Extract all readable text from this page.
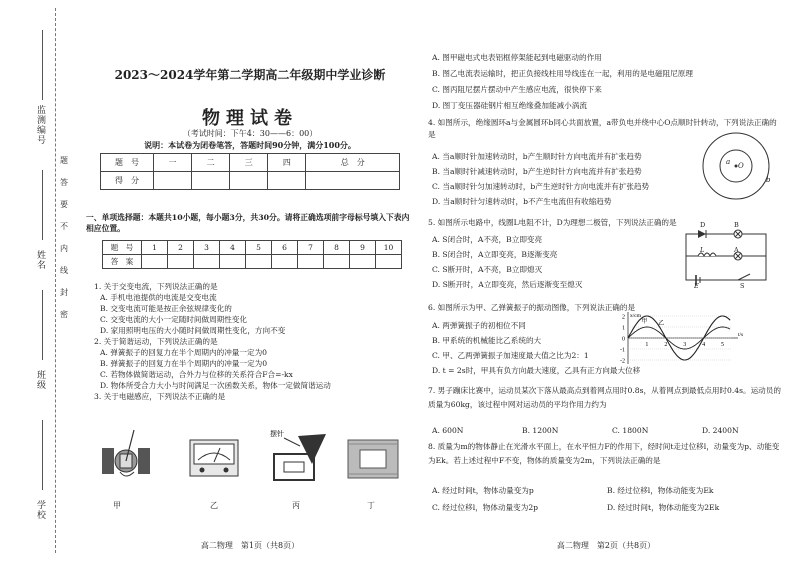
监测编号
姓名
班级
学校
题
答
要
不
内
线
封
密
2023～2024学年第二学期高二年级期中学业诊断
物理试卷
（考试时间：下午4：30——6：00）
说明：本试卷为闭卷笔答，答题时间90分钟，满分100分。
题　号	一	二	三	四	总　分
得　分					
一、单项选择题：本题共10小题，每小题3分，共30分。请将正确选项前字母标号填入下表内相应位置。
题　号	1	2	3	4	5	6	7	8	9	10
答　案										
1. 关于交变电流，下列说法正确的是
A. 手机电池提供的电流是交变电流
B. 交变电流可能是按正余弦规律变化的
C. 交变电流的大小一定随时间做周期性变化
D. 家用照明电压的大小随时间做周期性变化，方向不变
2. 关于简谐运动，下列说法正确的是
A. 弹簧振子的回复力在半个周期内的冲量一定为0
B. 弹簧振子的回复力在半个周期内的冲量一定为0
C. 若物体做简谐运动，合外力与位移的关系符合F合=-kx
D. 物体所受合力大小与时间满足一次函数关系，物体一定做简谐运动
3. 关于电磁感应，下列说法不正确的是
摆针
甲	乙	丙	丁
高二物理　第1页（共8页）
A. 图甲磁电式电表铝框停架能起到电磁驱动的作用
B. 图乙电流表运输时，把正负接线柱用导线连在一起，利用的是电磁阻尼原理
C. 图丙阻尼摆片摆动中产生感应电流，很快停下来
D. 图丁变压器硅钢片相互绝缘叠加能减小涡流
4. 如图所示，绝缘圆环a与金属圆环b同心共面放置，a带负电并绕中心O点顺时针转动，下列说法正确的是
A. 当a顺时针加速转动时，b产生顺时针方向电流并有扩张趋势
B. 当a顺时针减速转动时，b产生逆时针方向电流并有扩张趋势
C. 当a顺时针匀加速转动时，b产生逆时针方向电流并有扩张趋势
D. 当a顺时针匀速转动时，b不产生电流但有收缩趋势
a O
b
5. 如图所示电路中，线圈L电阻不计，D为理想二极管，下列说法正确的是
A. S闭合时，A不亮，B立即变亮
B. S闭合时，A立即变亮，B逐渐变亮
C. S断开时，A不亮，B立即熄灭
D. S断开时，A立即变亮，然后逐渐变至熄灭
D	B
A
L
E	S
6. 如图所示为甲、乙弹簧振子的振动图像，下列说法正确的是
A. 两弹簧振子的初相位不同
B. 甲系统的机械能比乙系统的大
C. 甲、乙两弹簧振子加速度最大值之比为2：1
D. t = 2s时，甲具有负方向最大速度，乙具有正方向最大位移
2
1
0
-1
-2
1	2	3	4	5
t/s
x/cm
甲 乙
7. 男子蹦床比赛中，运动员某次下落从最高点到着网点用时0.8s，从着网点到最低点用时0.4s。运动员的质量为60kg，该过程中网对运动员的平均作用力约为
A. 600N	B. 1200N	C. 1800N	D. 2400N
8. 质量为m的物体静止在光滑水平面上，在水平恒力F的作用下，经时间t走过位移l，动量变为p、动能变为Ek。若上述过程中F不变，物体的质量变为2m，下列说法正确的是
A. 经过时间t，物体动量变为p	B. 经过位移l，物体动能变为Ek
C. 经过位移l，物体动量变为2p	D. 经过时间t，物体动能变为2Ek
高二物理　第2页（共8页）
